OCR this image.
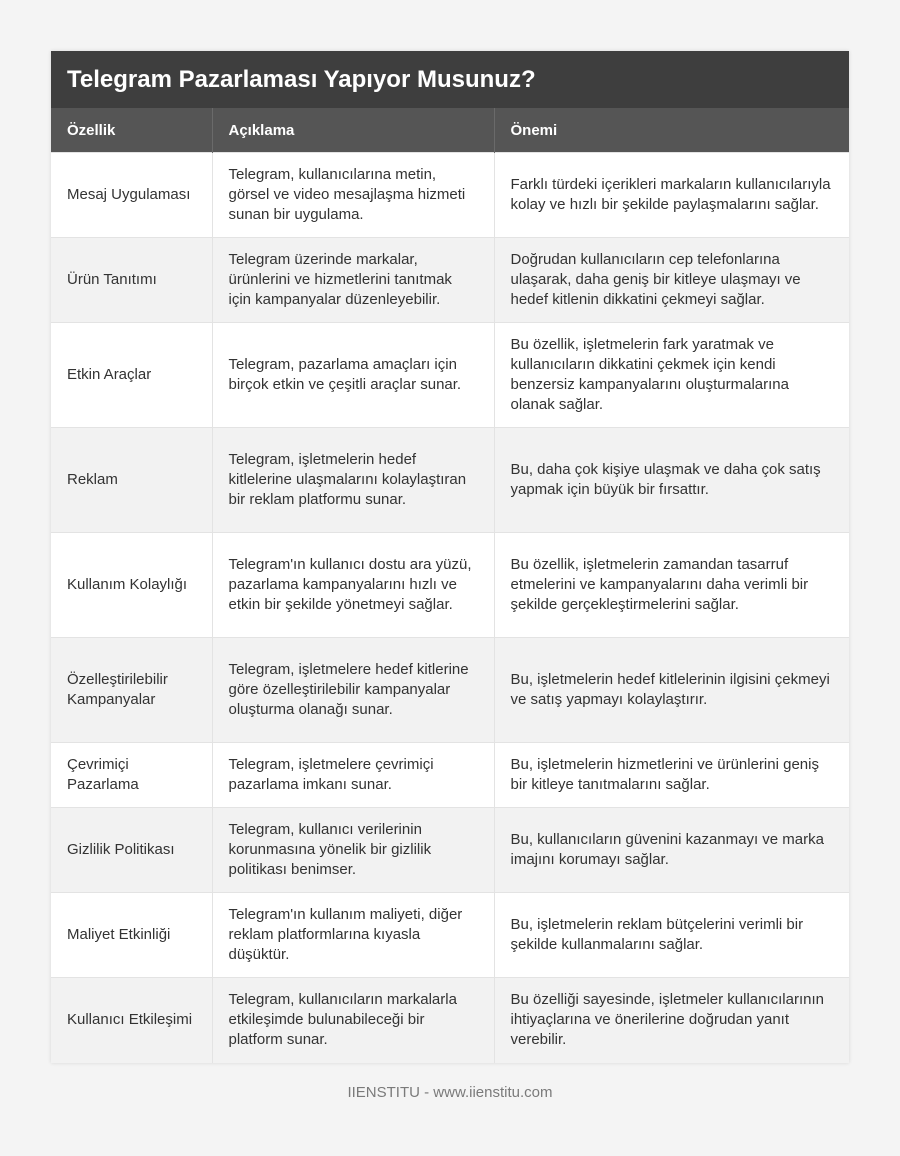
Telegram Pazarlaması Yapıyor Musunuz?
Özellik	Açıklama	Önemi
Mesaj Uygulaması	Telegram, kullanıcılarına metin, görsel ve video mesajlaşma hizmeti sunan bir uygulama.	Farklı türdeki içerikleri markaların kullanıcılarıyla kolay ve hızlı bir şekilde paylaşmalarını sağlar.
Ürün Tanıtımı	Telegram üzerinde markalar, ürünlerini ve hizmetlerini tanıtmak için kampanyalar düzenleyebilir.	Doğrudan kullanıcıların cep telefonlarına ulaşarak, daha geniş bir kitleye ulaşmayı ve hedef kitlenin dikkatini çekmeyi sağlar.
Etkin Araçlar	Telegram, pazarlama amaçları için birçok etkin ve çeşitli araçlar sunar.	Bu özellik, işletmelerin fark yaratmak ve kullanıcıların dikkatini çekmek için kendi benzersiz kampanyalarını oluşturmalarına olanak sağlar.
Reklam	Telegram, işletmelerin hedef kitlelerine ulaşmalarını kolaylaştıran bir reklam platformu sunar.	Bu, daha çok kişiye ulaşmak ve daha çok satış yapmak için büyük bir fırsattır.
Kullanım Kolaylığı	Telegram'ın kullanıcı dostu ara yüzü, pazarlama kampanyalarını hızlı ve etkin bir şekilde yönetmeyi sağlar.	Bu özellik, işletmelerin zamandan tasarruf etmelerini ve kampanyalarını daha verimli bir şekilde gerçekleştirmelerini sağlar.
Özelleştirilebilir Kampanyalar	Telegram, işletmelere hedef kitlerine göre özelleştirilebilir kampanyalar oluşturma olanağı sunar.	Bu, işletmelerin hedef kitlelerinin ilgisini çekmeyi ve satış yapmayı kolaylaştırır.
Çevrimiçi Pazarlama	Telegram, işletmelere çevrimiçi pazarlama imkanı sunar.	Bu, işletmelerin hizmetlerini ve ürünlerini geniş bir kitleye tanıtmalarını sağlar.
Gizlilik Politikası	Telegram, kullanıcı verilerinin korunmasına yönelik bir gizlilik politikası benimser.	Bu, kullanıcıların güvenini kazanmayı ve marka imajını korumayı sağlar.
Maliyet Etkinliği	Telegram'ın kullanım maliyeti, diğer reklam platformlarına kıyasla düşüktür.	Bu, işletmelerin reklam bütçelerini verimli bir şekilde kullanmalarını sağlar.
Kullanıcı Etkileşimi	Telegram, kullanıcıların markalarla etkileşimde bulunabileceği bir platform sunar.	Bu özelliği sayesinde, işletmeler kullanıcılarının ihtiyaçlarına ve önerilerine doğrudan yanıt verebilir.
IIENSTITU - www.iienstitu.com
